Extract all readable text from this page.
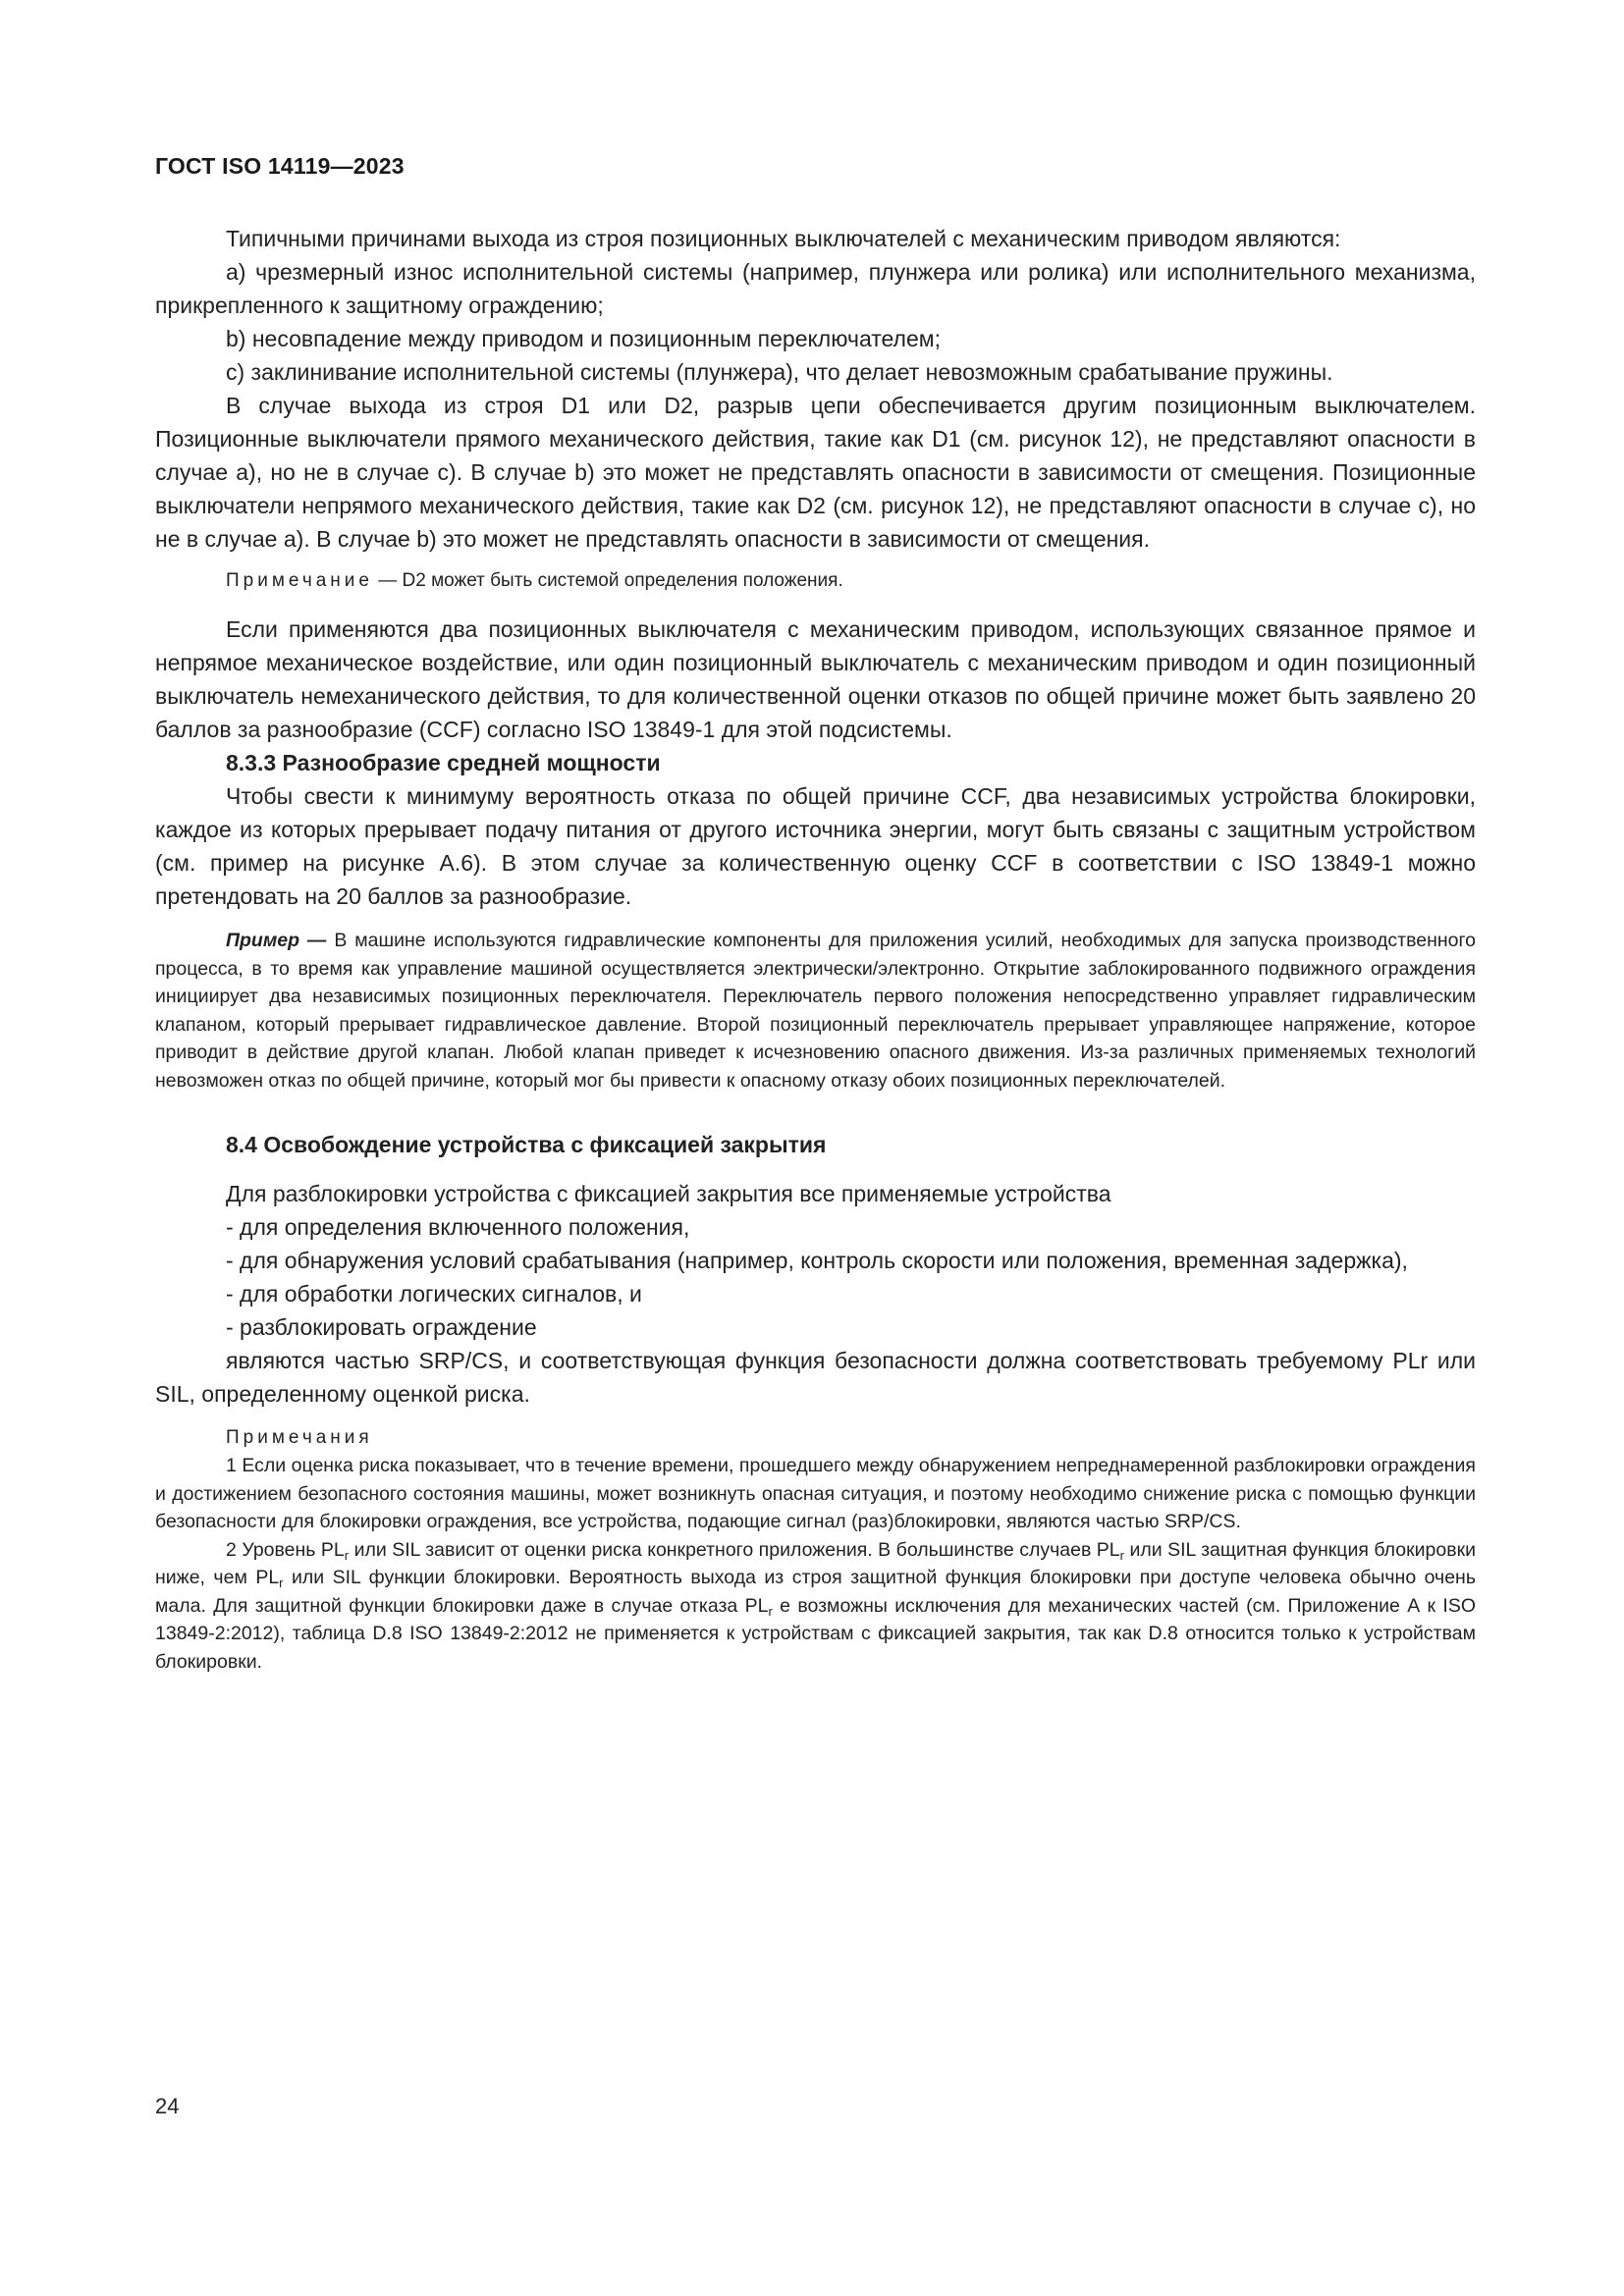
ГОСТ ISO 14119—2023

Типичными причинами выхода из строя позиционных выключателей с механическим приводом являются:

а) чрезмерный износ исполнительной системы (например, плунжера или ролика) или исполнительного механизма, прикрепленного к защитному ограждению;

b) несовпадение между приводом и позиционным переключателем;

c) заклинивание исполнительной системы (плунжера), что делает невозможным срабатывание пружины.

В случае выхода из строя D1 или D2, разрыв цепи обеспечивается другим позиционным выключателем. Позиционные выключатели прямого механического действия, такие как D1 (см. рисунок 12), не представляют опасности в случае а), но не в случае с). В случае b) это может не представлять опасности в зависимости от смещения. Позиционные выключатели непрямого механического действия, такие как D2 (см. рисунок 12), не представляют опасности в случае с), но не в случае а). В случае b) это может не представлять опасности в зависимости от смещения.

Примечание — D2 может быть системой определения положения.

Если применяются два позиционных выключателя с механическим приводом, использующих связанное прямое и непрямое механическое воздействие, или один позиционный выключатель с механическим приводом и один позиционный выключатель немеханического действия, то для количественной оценки отказов по общей причине может быть заявлено 20 баллов за разнообразие (CCF) согласно ISO 13849-1 для этой подсистемы.

8.3.3 Разнообразие средней мощности

Чтобы свести к минимуму вероятность отказа по общей причине CCF, два независимых устройства блокировки, каждое из которых прерывает подачу питания от другого источника энергии, могут быть связаны с защитным устройством (см. пример на рисунке А.6). В этом случае за количественную оценку CCF в соответствии с ISO 13849-1 можно претендовать на 20 баллов за разнообразие.

Пример — В машине используются гидравлические компоненты для приложения усилий, необходимых для запуска производственного процесса, в то время как управление машиной осуществляется электрически/электронно. Открытие заблокированного подвижного ограждения инициирует два независимых позиционных переключателя. Переключатель первого положения непосредственно управляет гидравлическим клапаном, который прерывает гидравлическое давление. Второй позиционный переключатель прерывает управляющее напряжение, которое приводит в действие другой клапан. Любой клапан приведет к исчезновению опасного движения. Из-за различных применяемых технологий невозможен отказ по общей причине, который мог бы привести к опасному отказу обоих позиционных переключателей.

8.4 Освобождение устройства с фиксацией закрытия

Для разблокировки устройства с фиксацией закрытия все применяемые устройства

- для определения включенного положения,

- для обнаружения условий срабатывания (например, контроль скорости или положения, временная задержка),

- для обработки логических сигналов, и

- разблокировать ограждение

являются частью SRP/CS, и соответствующая функция безопасности должна соответствовать требуемому PLr или SIL, определенному оценкой риска.

Примечания

1 Если оценка риска показывает, что в течение времени, прошедшего между обнаружением непреднамеренной разблокировки ограждения и достижением безопасного состояния машины, может возникнуть опасная ситуация, и поэтому необходимо снижение риска с помощью функции безопасности для блокировки ограждения, все устройства, подающие сигнал (раз)блокировки, являются частью SRP/CS.

2 Уровень $PL_r$ или SIL зависит от оценки риска конкретного приложения. В большинстве случаев $PL_r$ или SIL защитная функция блокировки ниже, чем $PL_r$ или SIL функции блокировки. Вероятность выхода из строя защитной функция блокировки при доступе человека обычно очень мала. Для защитной функции блокировки даже в случае отказа $PL_r$ е возможны исключения для механических частей (см. Приложение А к ISO 13849-2:2012), таблица D.8 ISO 13849-2:2012 не применяется к устройствам с фиксацией закрытия, так как D.8 относится только к устройствам блокировки.

24
